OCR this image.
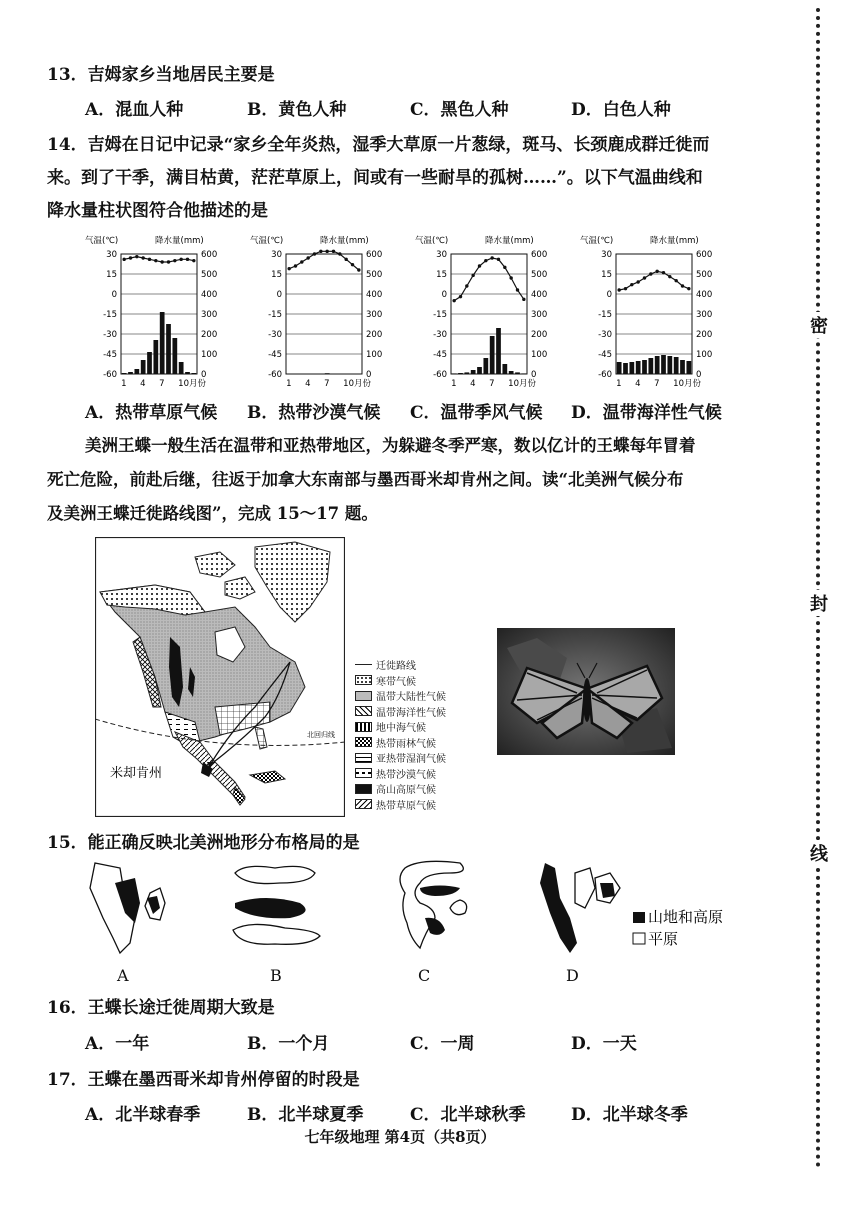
13．吉姆家乡当地居民主要是
A．混血人种	B．黄色人种	C．黑色人种	D．白色人种
14．吉姆在日记中记录“家乡全年炎热，湿季大草原一片葱绿，斑马、长颈鹿成群迁徙而
来。到了干季，满目枯黄，茫茫草原上，间或有一些耐旱的孤树……”。以下气温曲线和
降水量柱状图符合他描述的是
气温(℃)	降水量(mm)
30
15
0
-15
-30
-45
-60
600
500
400
300
200
100
0
1 4 7 10月份
气温(℃)	降水量(mm)
30
15
0
-15
-30
-45
-60
600
500
400
300
200
100
0
1 4 7 10月份
气温(℃)	降水量(mm)
30
15
0
-15
-30
-45
-60
600
500
400
300
200
100
0
1 4 7 10月份
气温(℃)	降水量(mm)
30
15
0
-15
-30
-45
-60
600
500
400
300
200
100
0
1 4 7 10月份
A．热带草原气候 B．热带沙漠气候 C．温带季风气候 D．温带海洋性气候
美洲王蝶一般生活在温带和亚热带地区，为躲避冬季严寒，数以亿计的王蝶每年冒着
死亡危险，前赴后继，往返于加拿大东南部与墨西哥米却肯州之间。读“北美洲气候分布
及美洲王蝶迁徙路线图”，完成 15～17 题。
北回归线
米却肯州
迁徙路线
寒带气候
温带大陆性气候
温带海洋性气候
地中海气候
热带雨林气候
亚热带湿润气候
热带沙漠气候
高山高原气候
热带草原气候
15．能正确反映北美洲地形分布格局的是
山地和高原
平原
A	B	C	D
16．王蝶长途迁徙周期大致是
A．一年	B．一个月	C．一周	D．一天
17．王蝶在墨西哥米却肯州停留的时段是
A．北半球春季	B．北半球夏季	C．北半球秋季	D．北半球冬季
七年级地理 第4页（共8页）
密
封
线
